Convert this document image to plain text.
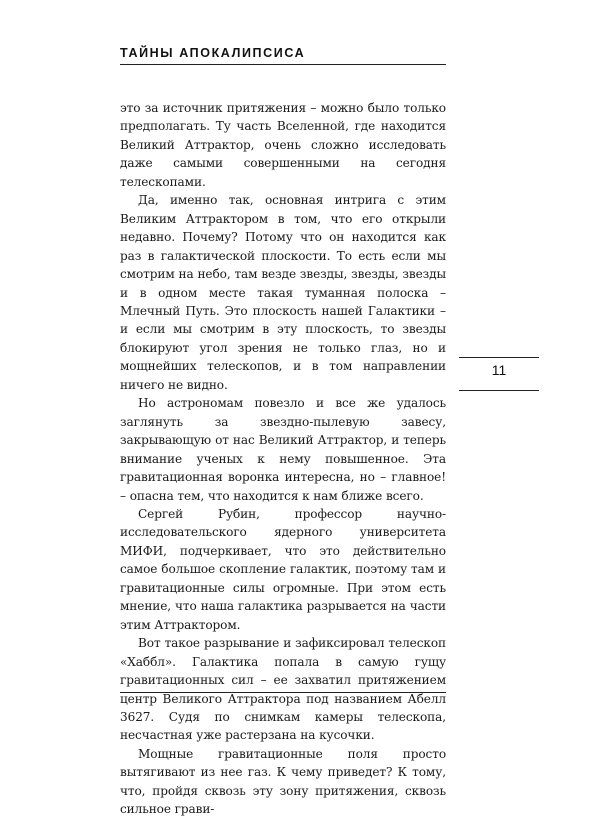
ТАЙНЫ АПОКАЛИПСИСА

это за источник притяжения – можно было только предполагать. Ту часть Вселенной, где находится Великий Аттрактор, очень сложно исследовать даже самыми совершенными на сегодня телескопами.

Да, именно так, основная интрига с этим Великим Аттрактором в том, что его открыли недавно. Почему? Потому что он находится как раз в галактической плоскости. То есть если мы смотрим на небо, там везде звезды, звезды, звезды и в одном месте такая туманная полоска – Млечный Путь. Это плоскость нашей Галактики – и если мы смотрим в эту плоскость, то звезды блокируют угол зрения не только глаз, но и мощнейших телескопов, и в том направлении ничего не видно.

Но астрономам повезло и все же удалось заглянуть за звездно-пылевую завесу, закрывающую от нас Великий Аттрактор, и теперь внимание ученых к нему повышенное. Эта гравитационная воронка интересна, но – главное! – опасна тем, что находится к нам ближе всего.

Сергей Рубин, профессор научно-исследовательского ядерного университета МИФИ, подчеркивает, что это действительно самое большое скопление галактик, поэтому там и гравитационные силы огромные. При этом есть мнение, что наша галактика разрывается на части этим Аттрактором.

Вот такое разрывание и зафиксировал телескоп «Хаббл». Галактика попала в самую гущу гравитационных сил – ее захватил притяжением центр Великого Аттрактора под названием Абелл 3627. Судя по снимкам камеры телескопа, несчастная уже растерзана на кусочки.

Мощные гравитационные поля просто вытягивают из нее газ. К чему приведет? К тому, что, пройдя сквозь эту зону притяжения, сквозь сильное грави-

11
